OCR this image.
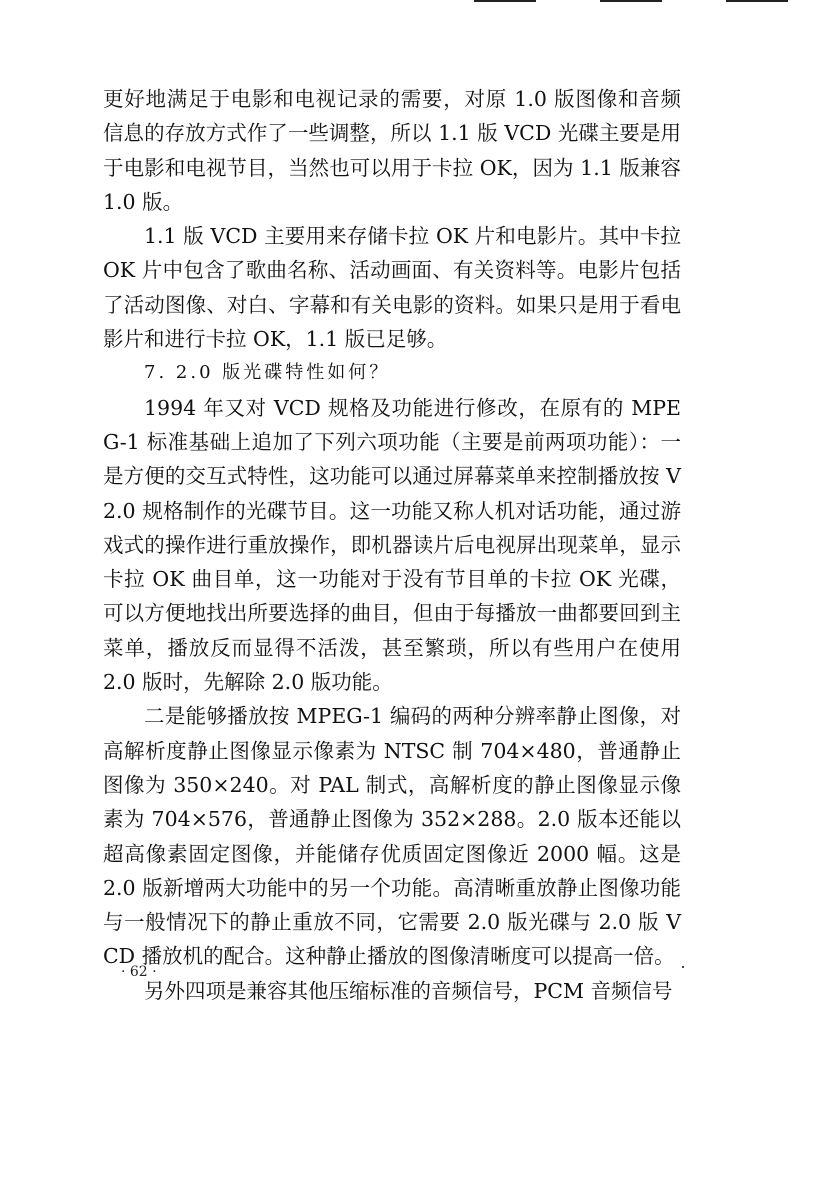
更好地满足于电影和电视记录的需要，对原 1.0 版图像和音频信息的存放方式作了一些调整，所以 1.1 版 VCD 光碟主要是用于电影和电视节目，当然也可以用于卡拉 OK，因为 1.1 版兼容 1.0 版。

1.1 版 VCD 主要用来存储卡拉 OK 片和电影片。其中卡拉 OK 片中包含了歌曲名称、活动画面、有关资料等。电影片包括了活动图像、对白、字幕和有关电影的资料。如果只是用于看电影片和进行卡拉 OK，1.1 版已足够。

7. 2.0 版光碟特性如何？

1994 年又对 VCD 规格及功能进行修改，在原有的 MPEG-1 标准基础上追加了下列六项功能（主要是前两项功能）：一是方便的交互式特性，这功能可以通过屏幕菜单来控制播放按 V2.0 规格制作的光碟节目。这一功能又称人机对话功能，通过游戏式的操作进行重放操作，即机器读片后电视屏出现菜单，显示卡拉 OK 曲目单，这一功能对于没有节目单的卡拉 OK 光碟，可以方便地找出所要选择的曲目，但由于每播放一曲都要回到主菜单，播放反而显得不活泼，甚至繁琐，所以有些用户在使用 2.0 版时，先解除 2.0 版功能。

二是能够播放按 MPEG-1 编码的两种分辨率静止图像，对高解析度静止图像显示像素为 NTSC 制 704×480，普通静止图像为 350×240。对 PAL 制式，高解析度的静止图像显示像素为 704×576，普通静止图像为 352×288。2.0 版本还能以超高像素固定图像，并能储存优质固定图像近 2000 幅。这是 2.0 版新增两大功能中的另一个功能。高清晰重放静止图像功能与一般情况下的静止重放不同，它需要 2.0 版光碟与 2.0 版 VCD 播放机的配合。这种静止播放的图像清晰度可以提高一倍。

另外四项是兼容其他压缩标准的音频信号，PCM 音频信号

· 62 ·
